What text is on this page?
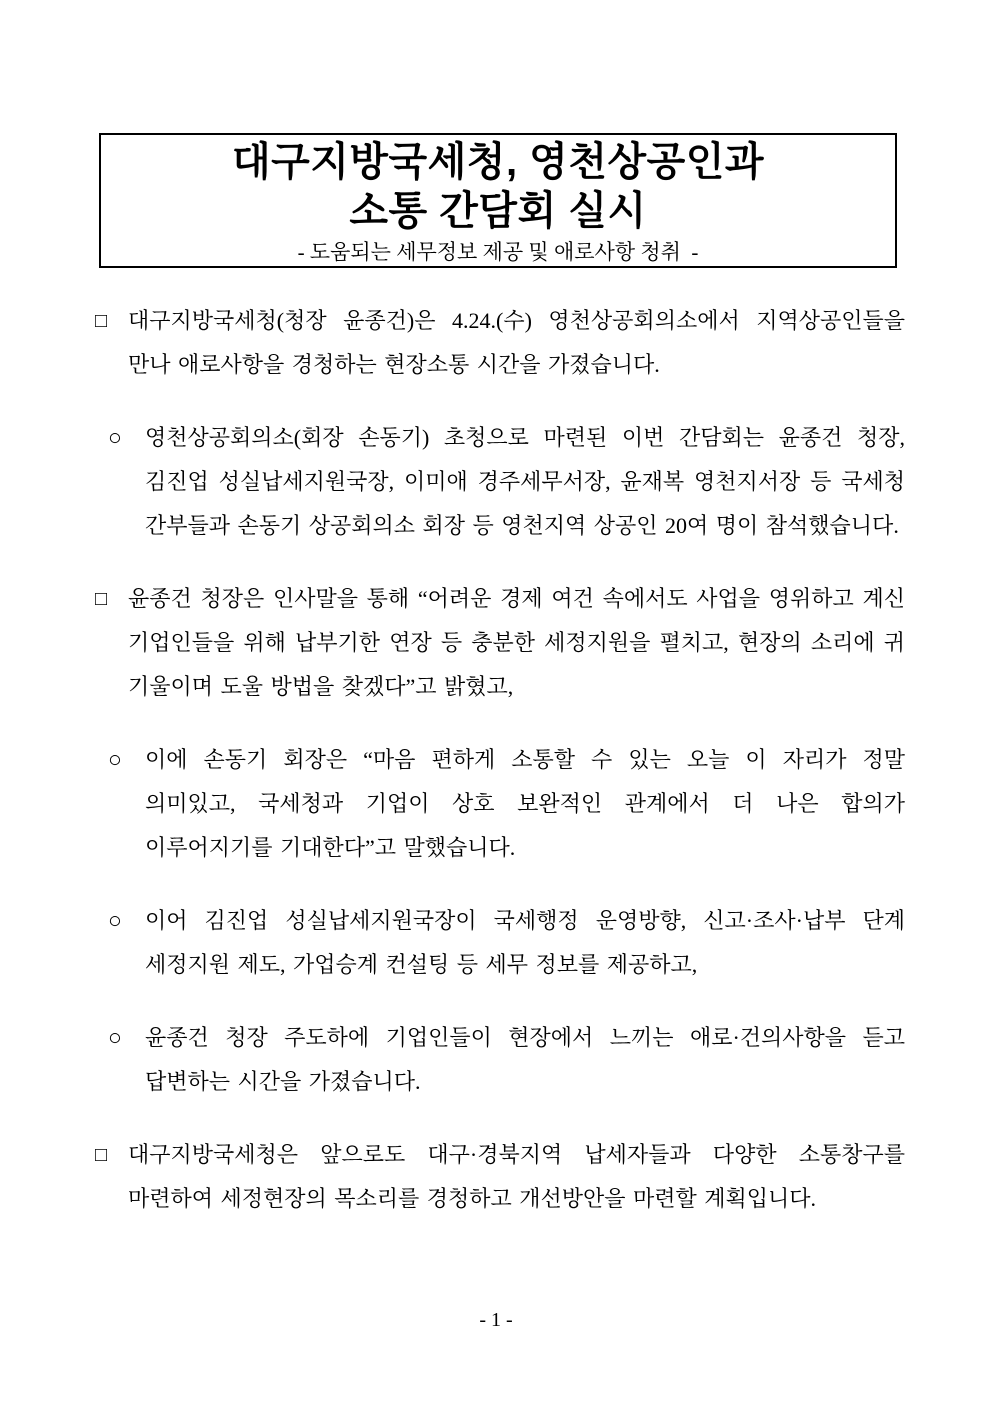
대구지방국세청, 영천상공인과
소통 간담회 실시
- 도움되는 세무정보 제공 및 애로사항 청취  -
□ 대구지방국세청(청장 윤종건)은 4.24.(수) 영천상공회의소에서 지역상공인들을 만나 애로사항을 경청하는 현장소통 시간을 가졌습니다.
○ 영천상공회의소(회장 손동기) 초청으로 마련된 이번 간담회는 윤종건 청장, 김진업 성실납세지원국장, 이미애 경주세무서장, 윤재복 영천지서장 등 국세청 간부들과 손동기 상공회의소 회장 등 영천지역 상공인 20여 명이 참석했습니다.
□ 윤종건 청장은 인사말을 통해 “어려운 경제 여건 속에서도 사업을 영위하고 계신 기업인들을 위해 납부기한 연장 등 충분한 세정지원을 펼치고, 현장의 소리에 귀 기울이며 도울 방법을 찾겠다”고 밝혔고,
○ 이에 손동기 회장은 “마음 편하게 소통할 수 있는 오늘 이 자리가 정말 의미있고, 국세청과 기업이 상호 보완적인 관계에서 더 나은 합의가 이루어지기를 기대한다”고 말했습니다.
○ 이어 김진업 성실납세지원국장이 국세행정 운영방향, 신고·조사·납부 단계 세정지원 제도, 가업승계 컨설팅 등 세무 정보를 제공하고,
○ 윤종건 청장 주도하에 기업인들이 현장에서 느끼는 애로·건의사항을 듣고 답변하는 시간을 가졌습니다.
□ 대구지방국세청은 앞으로도 대구·경북지역 납세자들과 다양한 소통창구를 마련하여 세정현장의 목소리를 경청하고 개선방안을 마련할 계획입니다.
- 1 -
